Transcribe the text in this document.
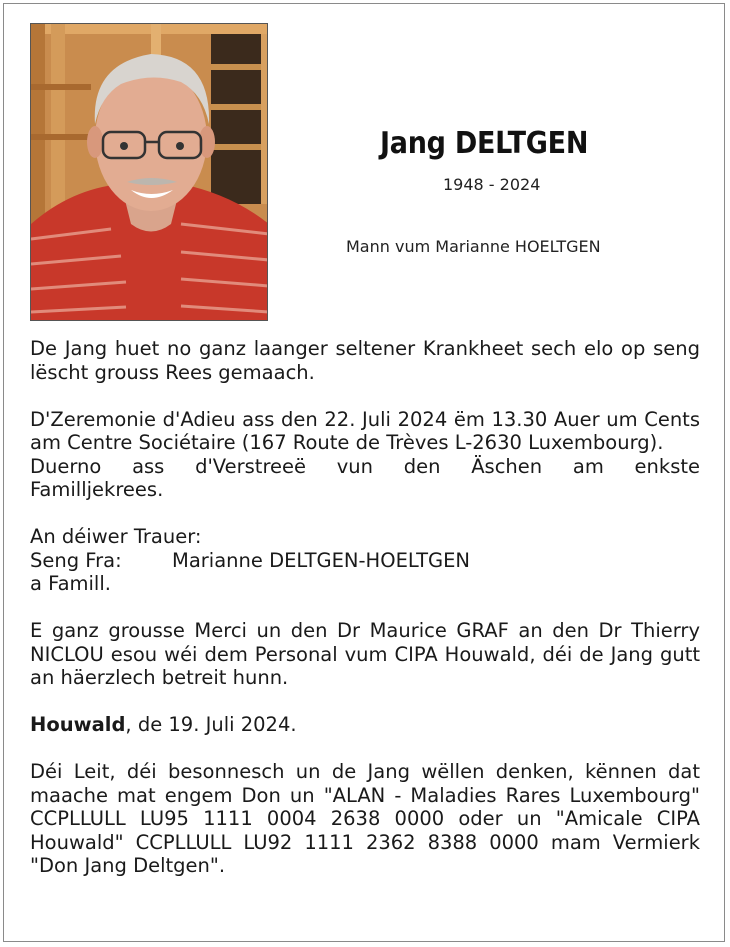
Jang DELTGEN
1948 - 2024
Mann vum Marianne HOELTGEN

De Jang huet no ganz laanger seltener Krankheet sech elo op seng lëscht grouss Rees gemaach.

D'Zeremonie d'Adieu ass den 22. Juli 2024 ëm 13.30 Auer um Cents am Centre Sociétaire (167 Route de Trèves L-2630 Luxembourg).

Duerno ass d'Verstreeë vun den Äschen am enkste

Familljekrees.

An déiwer Trauer:

Seng Fra:	Marianne DELTGEN-HOELTGEN

a Famill.

E ganz grousse Merci un den Dr Maurice GRAF an den Dr Thierry NICLOU esou wéi dem Personal vum CIPA Houwald, déi de Jang gutt an häerzlech betreit hunn.

Houwald, de 19. Juli 2024.

Déi Leit, déi besonnesch un de Jang wëllen denken, kënnen dat maache mat engem Don un "ALAN - Maladies Rares Luxembourg" CCPLLULL LU95 1111 0004 2638 0000 oder un "Amicale CIPA Houwald" CCPLLULL LU92 1111 2362 8388 0000 mam Vermierk "Don Jang Deltgen".
